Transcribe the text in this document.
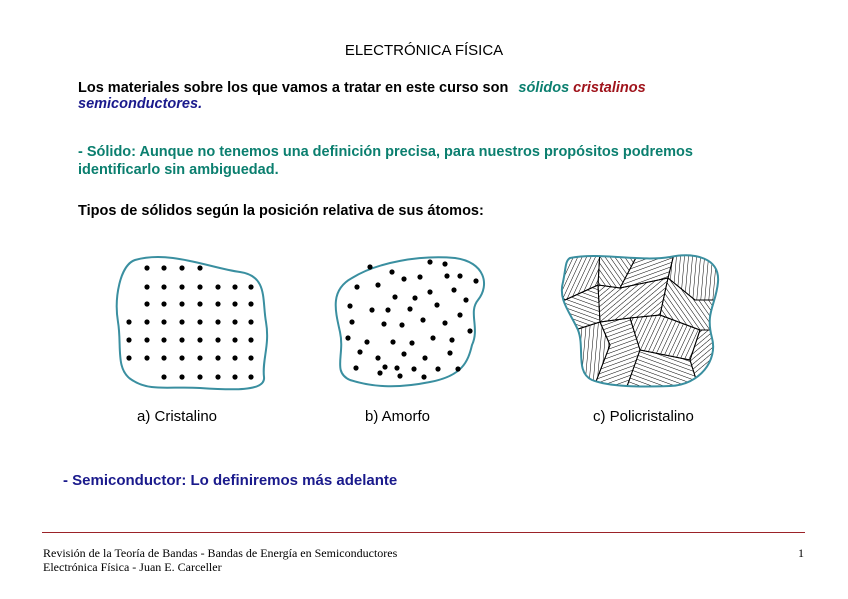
ELECTRÓNICA FÍSICA
Los materiales sobre los que vamos a tratar en este curso son sólidos cristalinos
semiconductores.
- Sólido: Aunque no tenemos una definición precisa, para nuestros propósitos podremos identificarlo sin ambiguedad.
Tipos de sólidos según la posición relativa de sus átomos:
a) Cristalino	b) Amorfo	c) Policristalino
- Semiconductor: Lo definiremos más adelante
Revisión de la Teoría de Bandas - Bandas de Energía en Semiconductores
Electrónica Física - Juan E. Carceller
1
